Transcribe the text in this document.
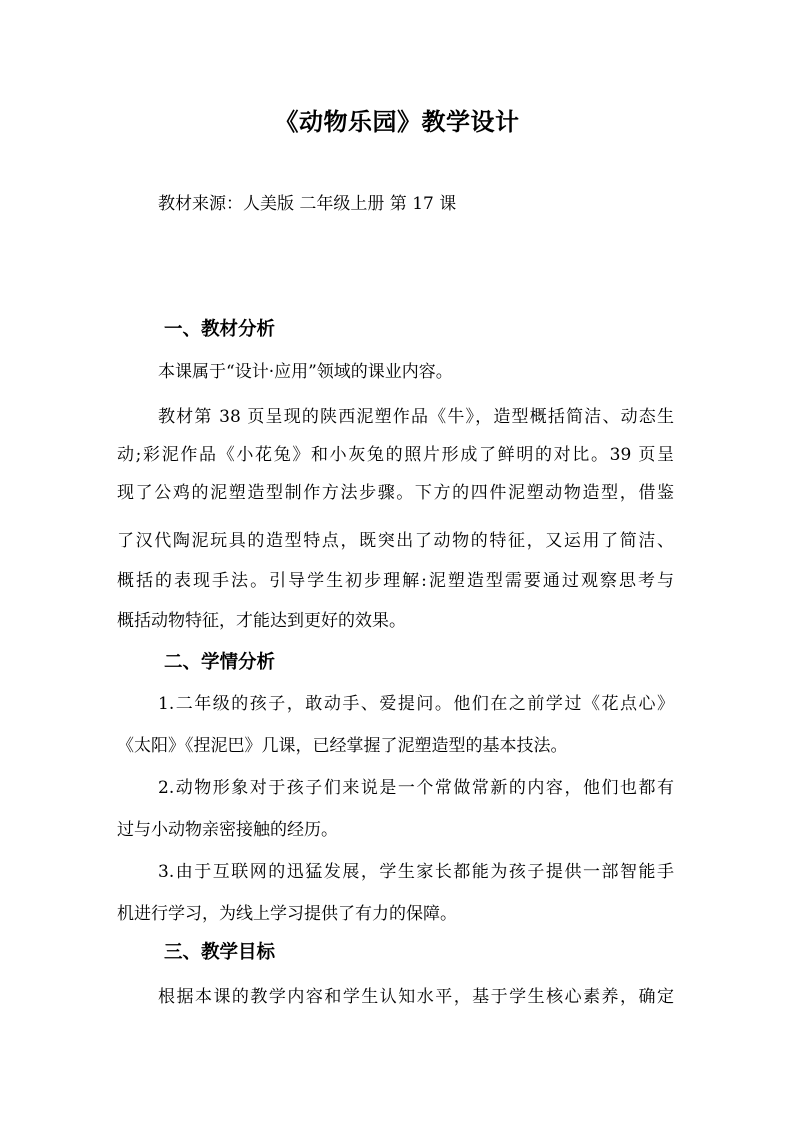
《动物乐园》教学设计
教材来源：人美版 二年级上册 第 17 课
一、教材分析
本课属于“设计·应用”领域的课业内容。
教材第 38 页呈现的陕西泥塑作品《牛》，造型概括简洁、动态生
动;彩泥作品《小花兔》和小灰兔的照片形成了鲜明的对比。39 页呈
现了公鸡的泥塑造型制作方法步骤。下方的四件泥塑动物造型，借鉴
了汉代陶泥玩具的造型特点，既突出了动物的特征，又运用了简洁、
概括的表现手法。引导学生初步理解:泥塑造型需要通过观察思考与
概括动物特征，才能达到更好的效果。
二、学情分析
1.二年级的孩子，敢动手、爱提问。他们在之前学过《花点心》
《太阳》《捏泥巴》几课，已经掌握了泥塑造型的基本技法。
2.动物形象对于孩子们来说是一个常做常新的内容，他们也都有
过与小动物亲密接触的经历。
3.由于互联网的迅猛发展，学生家长都能为孩子提供一部智能手
机进行学习，为线上学习提供了有力的保障。
三、教学目标
根据本课的教学内容和学生认知水平，基于学生核心素养，确定
